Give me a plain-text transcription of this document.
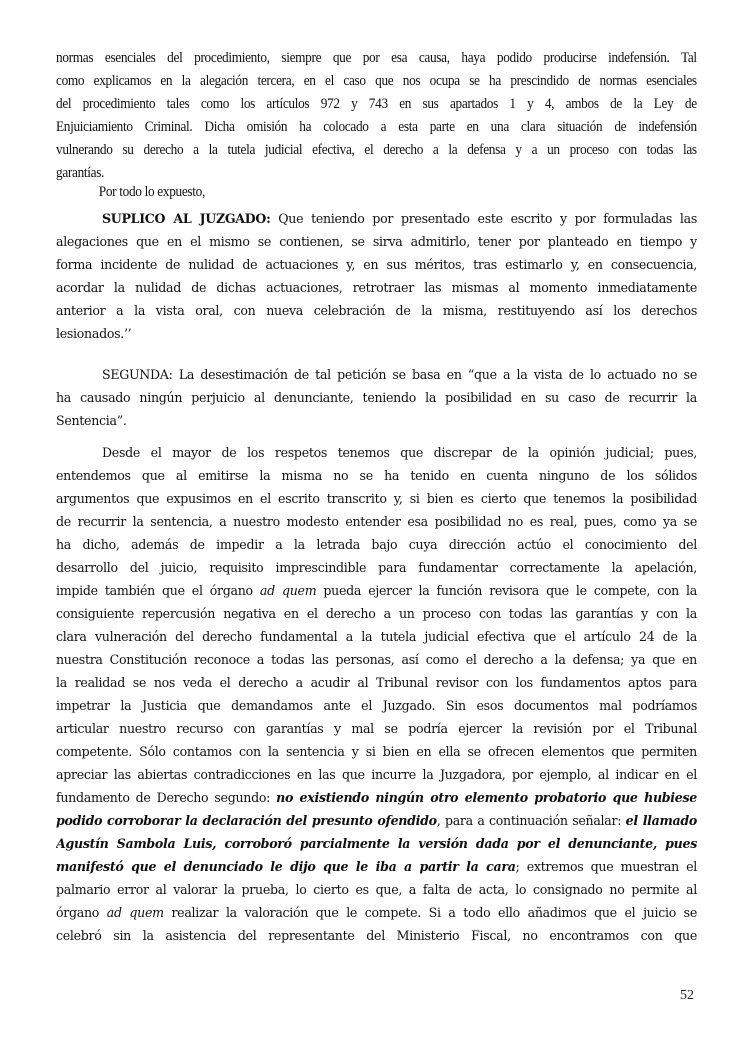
normas esenciales del procedimiento, siempre que por esa causa, haya podido producirse indefensión. Tal
como explicamos en la alegación tercera, en el caso que nos ocupa se ha prescindido de normas esenciales
del procedimiento tales como los artículos 972 y 743 en sus apartados 1 y 4, ambos de la Ley de
Enjuiciamiento Criminal. Dicha omisión ha colocado a esta parte en una clara situación de indefensión
vulnerando su derecho a la tutela judicial efectiva, el derecho a la defensa y a un proceso con todas las
garantías.
Por todo lo expuesto,
SUPLICO AL JUZGADO: Que teniendo por presentado este escrito y por formuladas las
alegaciones que en el mismo se contienen, se sirva admitirlo, tener por planteado en tiempo y
forma incidente de nulidad de actuaciones y, en sus méritos, tras estimarlo y, en consecuencia,
acordar la nulidad de dichas actuaciones, retrotraer las mismas al momento inmediatamente
anterior a la vista oral, con nueva celebración de la misma, restituyendo así los derechos
lesionados.’’
SEGUNDA: La desestimación de tal petición se basa en “que a la vista de lo actuado no se
ha causado ningún perjuicio al denunciante, teniendo la posibilidad en su caso de recurrir la
Sentencia”.
Desde el mayor de los respetos tenemos que discrepar de la opinión judicial; pues,
entendemos que al emitirse la misma no se ha tenido en cuenta ninguno de los sólidos
argumentos que expusimos en el escrito transcrito y, si bien es cierto que tenemos la posibilidad
de recurrir la sentencia, a nuestro modesto entender esa posibilidad no es real, pues, como ya se
ha dicho, además de impedir a la letrada bajo cuya dirección actúo el conocimiento del
desarrollo del juicio, requisito imprescindible para fundamentar correctamente la apelación,
impide también que el órgano ad quem pueda ejercer la función revisora que le compete, con la
consiguiente repercusión negativa en el derecho a un proceso con todas las garantías y con la
clara vulneración del derecho fundamental a la tutela judicial efectiva que el artículo 24 de la
nuestra Constitución reconoce a todas las personas, así como el derecho a la defensa; ya que en
la realidad se nos veda el derecho a acudir al Tribunal revisor con los fundamentos aptos para
impetrar la Justicia que demandamos ante el Juzgado. Sin esos documentos mal podríamos
articular nuestro recurso con garantías y mal se podría ejercer la revisión por el Tribunal
competente. Sólo contamos con la sentencia y si bien en ella se ofrecen elementos que permiten
apreciar las abiertas contradicciones en las que incurre la Juzgadora, por ejemplo, al indicar en el
fundamento de Derecho segundo: no existiendo ningún otro elemento probatorio que hubiese
podido corroborar la declaración del presunto ofendido, para a continuación señalar: el llamado
Agustín Sambola Luis, corroboró parcialmente la versión dada por el denunciante, pues
manifestó que el denunciado le dijo que le iba a partir la cara; extremos que muestran el
palmario error al valorar la prueba, lo cierto es que, a falta de acta, lo consignado no permite al
órgano ad quem realizar la valoración que le compete. Si a todo ello añadimos que el juicio se
celebró sin la asistencia del representante del Ministerio Fiscal, no encontramos con que
52
